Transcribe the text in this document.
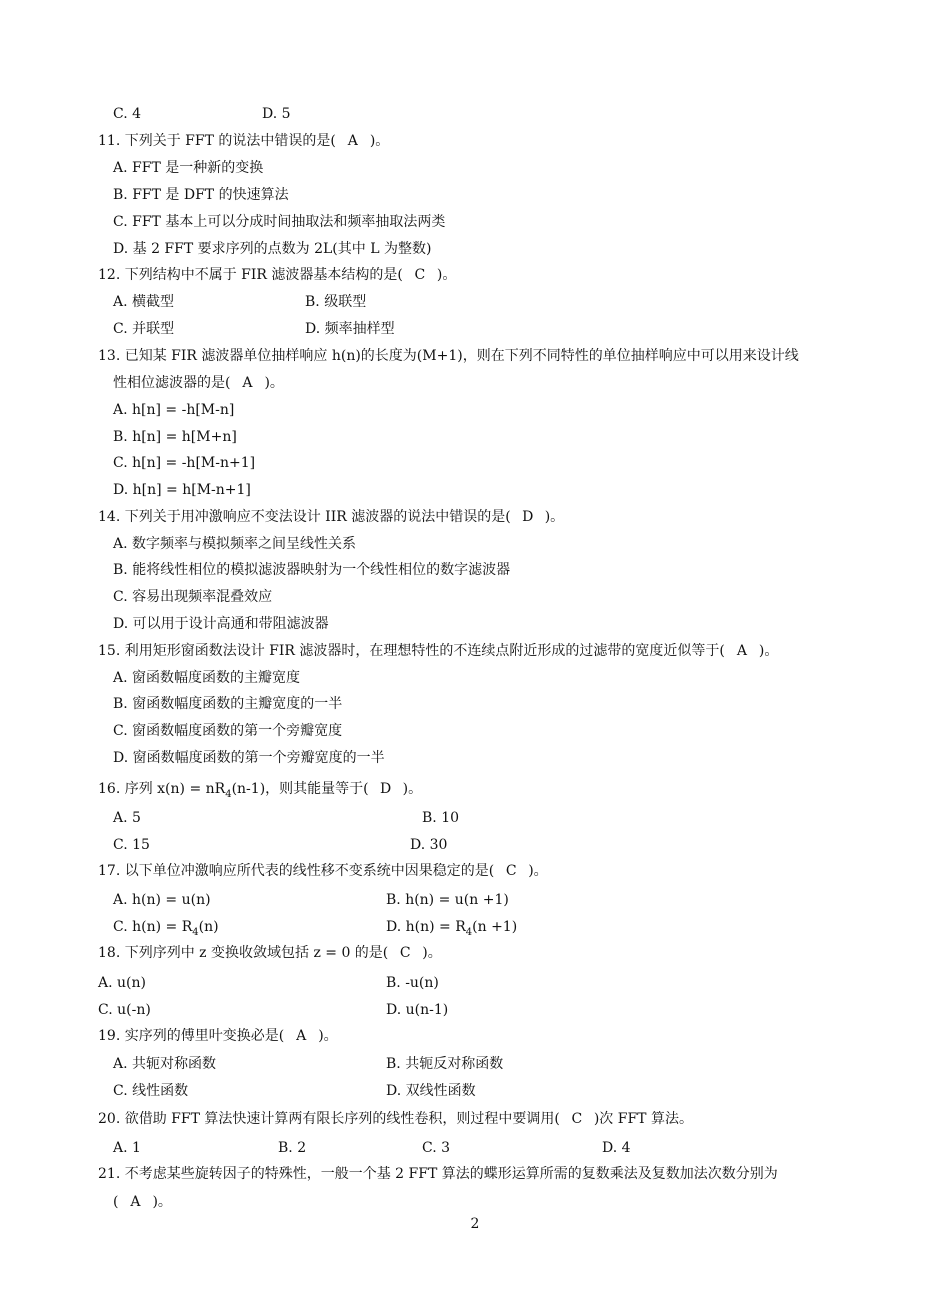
C. 4	D. 5
11. 下列关于 FFT 的说法中错误的是( A )。
A. FFT 是一种新的变换
B. FFT 是 DFT 的快速算法
C. FFT 基本上可以分成时间抽取法和频率抽取法两类
D. 基 2 FFT 要求序列的点数为 2L(其中 L 为整数)
12. 下列结构中不属于 FIR 滤波器基本结构的是( C )。
A. 横截型	B. 级联型
C. 并联型	D. 频率抽样型
13. 已知某 FIR 滤波器单位抽样响应 h(n)的长度为(M+1)，则在下列不同特性的单位抽样响应中可以用来设计线
性相位滤波器的是( A )。
A. h[n] = -h[M-n]
B. h[n] = h[M+n]
C. h[n] = -h[M-n+1]
D. h[n] = h[M-n+1]
14. 下列关于用冲激响应不变法设计 IIR 滤波器的说法中错误的是( D )。
A. 数字频率与模拟频率之间呈线性关系
B. 能将线性相位的模拟滤波器映射为一个线性相位的数字滤波器
C. 容易出现频率混叠效应
D. 可以用于设计高通和带阻滤波器
15. 利用矩形窗函数法设计 FIR 滤波器时，在理想特性的不连续点附近形成的过滤带的宽度近似等于( A )。
A. 窗函数幅度函数的主瓣宽度
B. 窗函数幅度函数的主瓣宽度的一半
C. 窗函数幅度函数的第一个旁瓣宽度
D. 窗函数幅度函数的第一个旁瓣宽度的一半
16. 序列 $x(n) = nR_4(n-1)$，则其能量等于( D )。
A. 5	B. 10
C. 15	D. 30
17. 以下单位冲激响应所代表的线性移不变系统中因果稳定的是( C )。
A. h(n) = u(n)	B. h(n) = u(n +1)
C. $h(n) = R_4(n)$	D. $h(n) = R_4(n +1)$
18. 下列序列中 z 变换收敛域包括 z = 0 的是( C )。
A. u(n)	B. -u(n)
C. u(-n)	D. u(n-1)
19. 实序列的傅里叶变换必是( A )。
A. 共轭对称函数	B. 共轭反对称函数
C. 线性函数	D. 双线性函数
20. 欲借助 FFT 算法快速计算两有限长序列的线性卷积，则过程中要调用( C )次 FFT 算法。
A. 1	B. 2	C. 3	D. 4
21. 不考虑某些旋转因子的特殊性，一般一个基 2 FFT 算法的蝶形运算所需的复数乘法及复数加法次数分别为
( A )。
2
